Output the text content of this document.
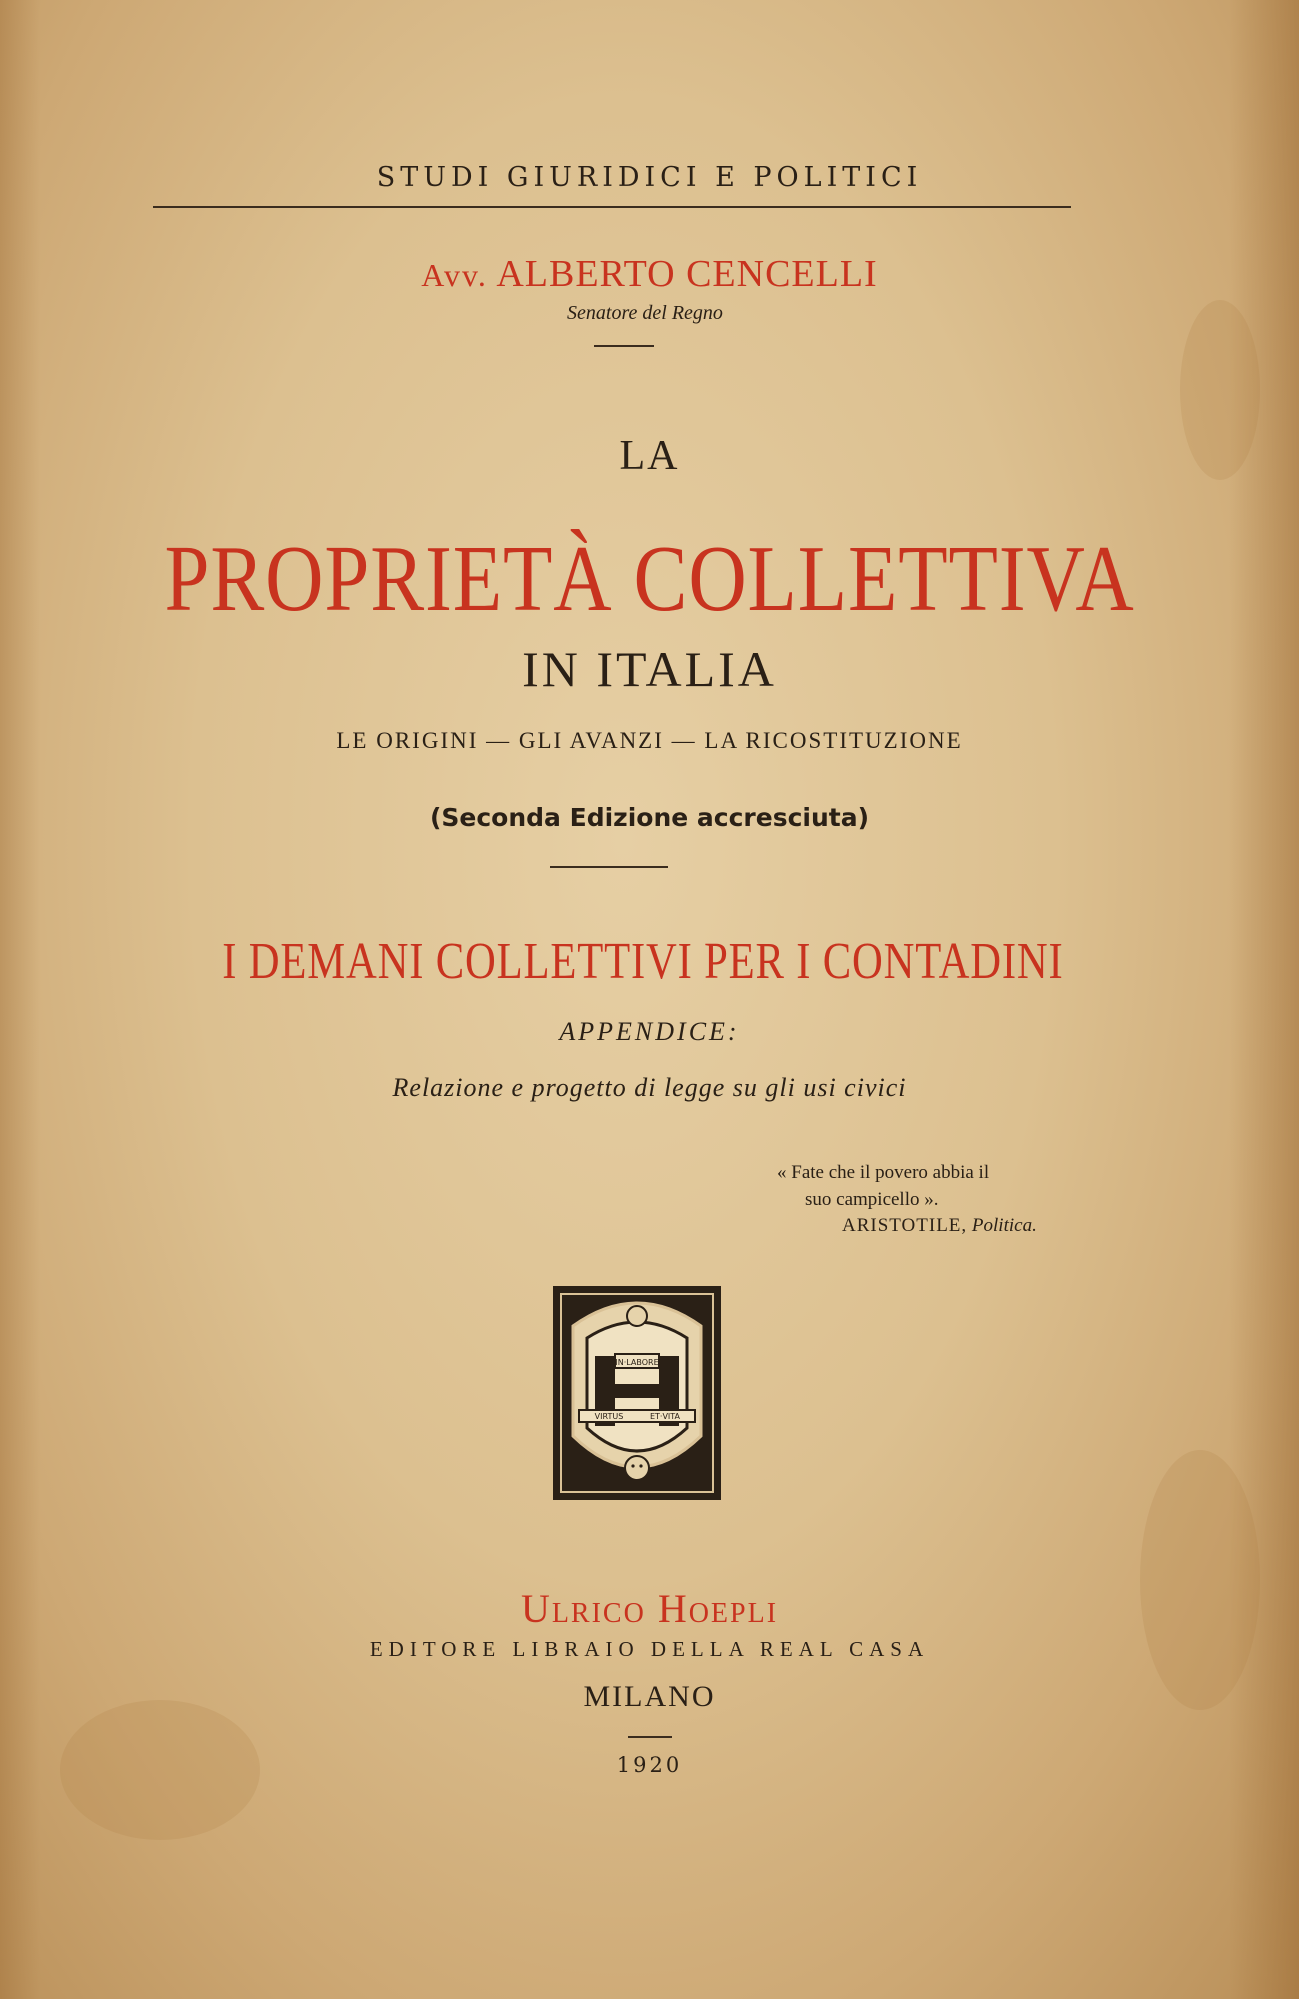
STUDI GIURIDICI E POLITICI
Avv. ALBERTO CENCELLI
Senatore del Regno
LA
PROPRIETÀ COLLETTIVA
IN ITALIA
LE ORIGINI — GLI AVANZI — LA RICOSTITUZIONE
(Seconda Edizione accresciuta)
I DEMANI COLLETTIVI PER I CONTADINI
APPENDICE:
Relazione e progetto di legge su gli usi civici
« Fate che il povero abbia il
suo campicello ».
ARISTOTILE, Politica.
IN·LABORE
VIRTUS	ET·VITA
Ulrico Hoepli
EDITORE LIBRAIO DELLA REAL CASA
MILANO
1920
